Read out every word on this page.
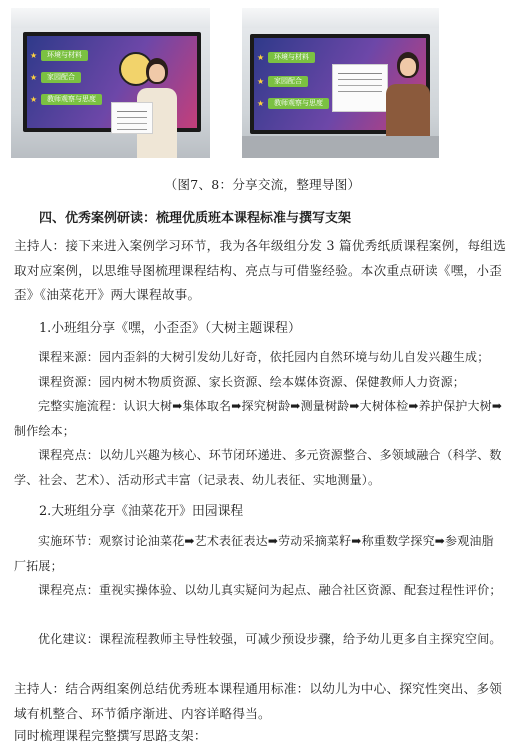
★	环境与材料
★	家园配合
★	教师观察与思度
★	环境与材料
★	家园配合
★	教师观察与思度
（图7、8：分享交流，整理导图）
四、优秀案例研读：梳理优质班本课程标准与撰写支架

主持人：接下来进入案例学习环节，我为各年级组分发 3 篇优秀纸质课程案例，每组选取对应案例，以思维导图梳理课程结构、亮点与可借鉴经验。本次重点研读《嘿，小歪歪》《油菜花开》两大课程故事。

1.小班组分享《嘿，小歪歪》（大树主题课程）

课程来源：园内歪斜的大树引发幼儿好奇，依托园内自然环境与幼儿自发兴趣生成；

课程资源：园内树木物质资源、家长资源、绘本媒体资源、保健教师人力资源；

完整实施流程：认识大树➡集体取名➡探究树龄➡测量树龄➡大树体检➡养护保护大树➡制作绘本；

课程亮点：以幼儿兴趣为核心、环节闭环递进、多元资源整合、多领域融合（科学、数学、社会、艺术）、活动形式丰富（记录表、幼儿表征、实地测量）。

2.大班组分享《油菜花开》田园课程

实施环节：观察讨论油菜花➡艺术表征表达➡劳动采摘菜籽➡称重数学探究➡参观油脂厂拓展；

课程亮点：重视实操体验、以幼儿真实疑问为起点、融合社区资源、配套过程性评价；

优化建议：课程流程教师主导性较强，可减少预设步骤，给予幼儿更多自主探究空间。

主持人：结合两组案例总结优秀班本课程通用标准：以幼儿为中心、探究性突出、多领域有机整合、环节循序渐进、内容详略得当。

同时梳理课程完整撰写思路支架：
